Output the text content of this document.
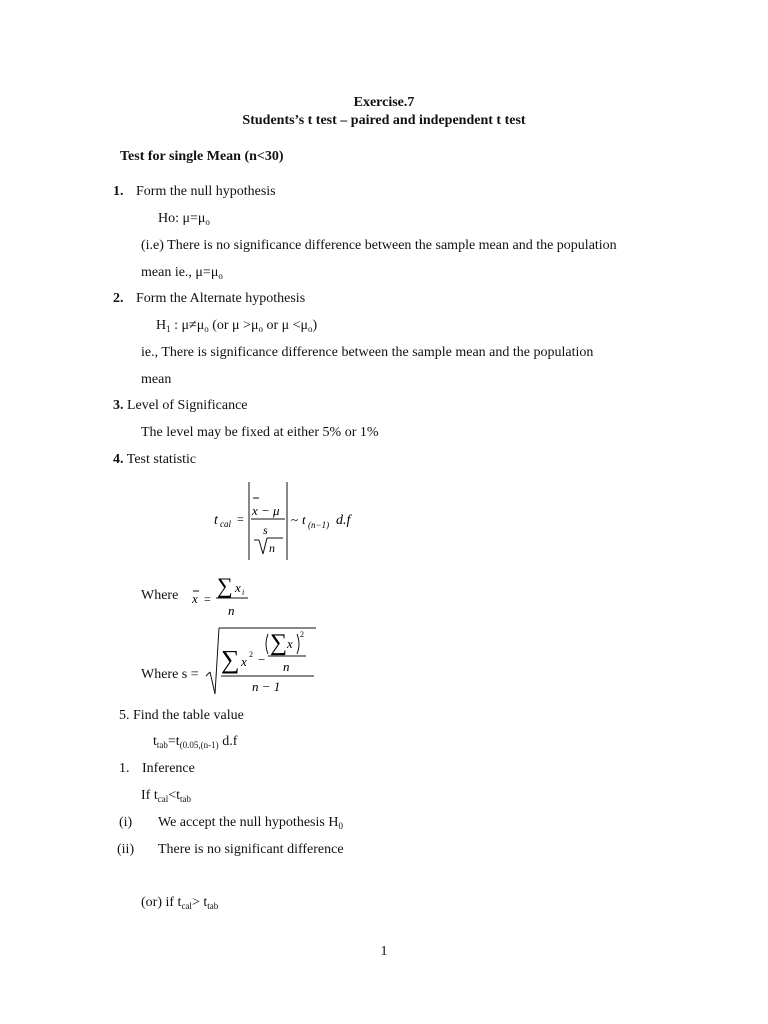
Exercise.7
Students’s t test – paired and independent t test
Test for single Mean (n<30)
1. Form the null hypothesis
Ho: $\mu=\mu_o$
(i.e) There is no significance difference between the sample mean and the population
mean ie., $\mu=\mu_o$
2. Form the Alternate hypothesis
$H_1$ : $\mu\ne\mu_o$ (or $\mu >\mu_o$ or $\mu <\mu_o$)
ie., There is significance difference between the sample mean and the population
mean
3. Level of Significance
The level may be fixed at either 5% or 1%
4. Test statistic
t cal =
x − μ
s
n
~ t (n−1) d.f
Where x =
∑ x i
n
Where s =
∑ x 2 −
∑ x
2
n
n − 1
5. Find the table value
$t_{tab}=t_{(0.05,(n-1)}$ d.f
1. Inference
If $t_{cal}<t_{tab}$
(i) We accept the null hypothesis $H_0$
(ii) There is no significant difference
(or) if $t_{cal}> t_{tab}$
1
